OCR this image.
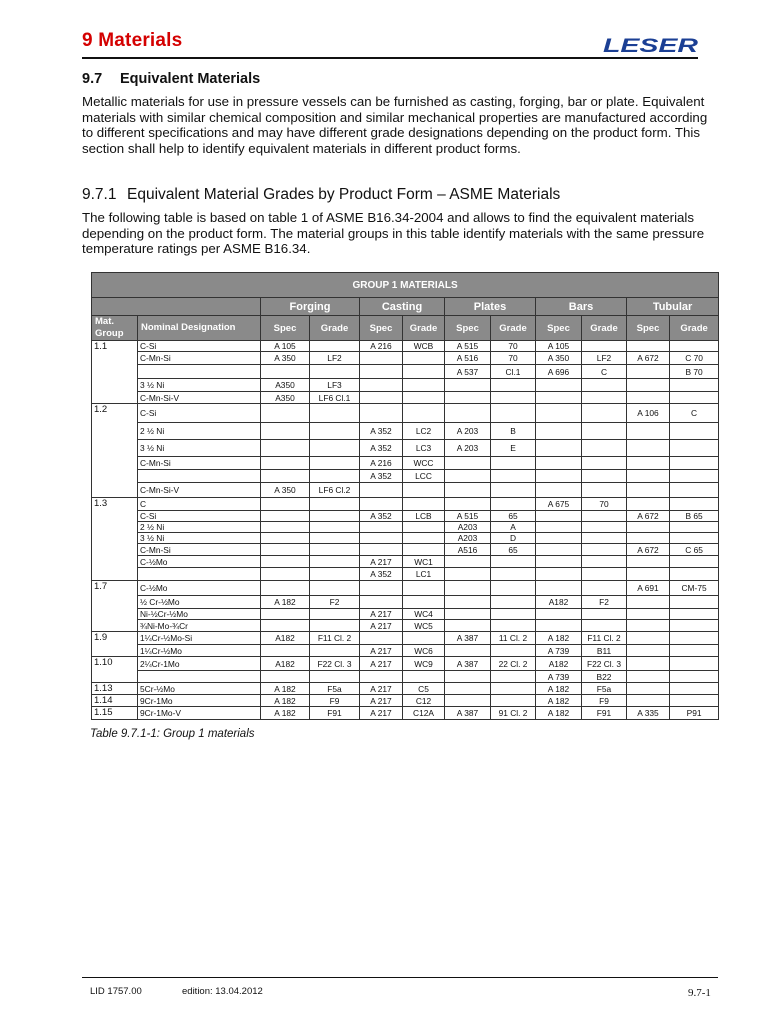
9 Materials	LESER
9.7 Equivalent Materials
Metallic materials for use in pressure vessels can be furnished as casting, forging, bar or plate. Equivalent materials with similar chemical composition and similar mechanical properties are manufactured according to different specifications and may have different grade designations depending on the product form. This section shall help to identify equivalent materials in different product forms.
9.7.1 Equivalent Material Grades by Product Form – ASME Materials
The following table is based on table 1 of ASME B16.34-2004 and allows to find the equivalent materials depending on the product form. The material groups in this table identify materials with the same pressure temperature ratings per ASME B16.34.
GROUP 1 MATERIALS											
		Forging		Casting		Plates		Bars		Tubular	
Mat. Group	Nominal Designation	Spec	Grade	Spec	Grade	Spec	Grade	Spec	Grade	Spec	Grade
1.1	C-Si	A 105		A 216	WCB	A 515	70	A 105			
	C-Mn-Si	A 350	LF2			A 516	70	A 350	LF2	A 672	C 70
						A 537	Cl.1	A 696	C		B 70
	3 ½ Ni	A350	LF3								
	C-Mn-Si-V	A350	LF6 Cl.1								
1.2	C-Si									A 106	C
	2 ½ Ni			A 352	LC2	A 203	B				
	3 ½ Ni			A 352	LC3	A 203	E				
	C-Mn-Si			A 216	WCC						
				A 352	LCC						
	C-Mn-Si-V	A 350	LF6 Cl.2								
1.3	C							A 675	70		
	C-Si			A 352	LCB	A 515	65			A 672	B 65
	2 ½ Ni					A203	A				
	3 ½ Ni					A203	D				
	C-Mn-Si					A516	65			A 672	C 65
	C-½Mo			A 217	WC1						
				A 352	LC1						
1.7	C-½Mo									A 691	CM-75
	½ Cr-½Mo	A 182	F2					A182	F2		
	Ni-½Cr-½Mo			A 217	WC4						
	¾Ni-Mo-¾Cr			A 217	WC5						
1.9	1¼Cr-½Mo-Si	A182	F11 Cl. 2			A 387	11 Cl. 2	A 182	F11 Cl. 2		
	1¼Cr-½Mo			A 217	WC6			A 739	B11		
1.10	2¼Cr-1Mo	A182	F22 Cl. 3	A 217	WC9	A 387	22 Cl. 2	A182	F22 Cl. 3		
								A 739	B22		
1.13	5Cr-½Mo	A 182	F5a	A 217	C5			A 182	F5a		
1.14	9Cr-1Mo	A 182	F9	A 217	C12			A 182	F9		
1.15	9Cr-1Mo-V	A 182	F91	A 217	C12A	A 387	91 Cl. 2	A 182	F91	A 335	P91
Table 9.7.1-1: Group 1 materials
LID 1757.00	edition: 13.04.2012	9.7-1
